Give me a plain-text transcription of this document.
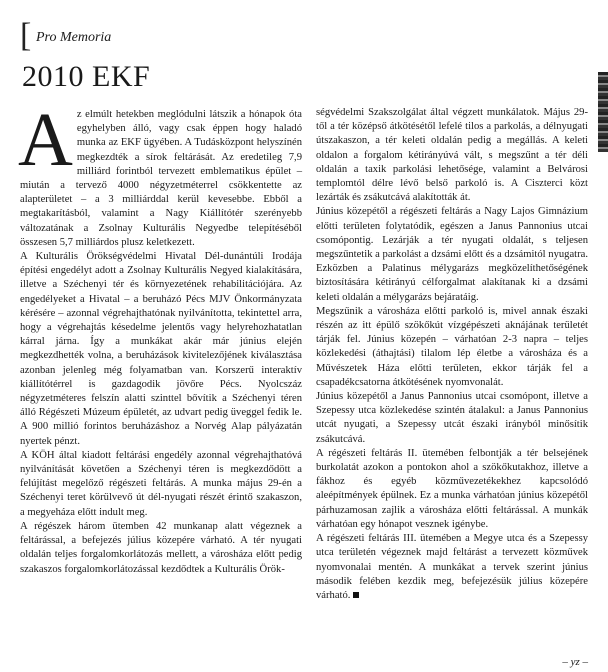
[ Pro Memoria
2010 EKF

Az elmúlt hetekben meglódulni látszik a hónapok óta egyhelyben álló, vagy csak éppen hogy haladó munka az EKF ügyében. A Tudásközpont helyszínén megkezdték a sírok feltárását. Az eredetileg 7,9 milliárd forintból tervezett emblematikus épület – miután a tervező 4000 négyzetméterrel csökkentette az alapterületet – a 3 milliárddal kerül kevesebbe. Ebből a megtakarításból, valamint a Nagy Kiállítótér szerényebb változatának a Zsolnay Kulturális Negyedbe telepítéséből összesen 5,7 milliárdos plusz keletkezett.

A Kulturális Örökségvédelmi Hivatal Dél-dunántúli Irodája építési engedélyt adott a Zsolnay Kulturális Negyed kialakítására, illetve a Széchenyi tér és környezetének rehabilitációjára. Az engedélyeket a Hivatal – a beruházó Pécs MJV Önkormányzata kérésére – azonnal végrehajthatónak nyilvánította, tekintettel arra, hogy a végrehajtás késedelme jelentős vagy helyrehozhatatlan kárral járna. Így a munkákat akár már június elején megkezdhették volna, a beruházások kivitelezőjének kiválasztása azonban jelenleg még folyamatban van. Korszerű interaktív kiállítótérrel is gazdagodik jövőre Pécs. Nyolcszáz négyzetméteres felszín alatti szinttel bővítik a Széchenyi téren álló Régészeti Múzeum épületét, az udvart pedig üveggel fedik le. A 900 millió forintos beruházáshoz a Norvég Alap pályázatán nyertek pénzt.

A KÖH által kiadott feltárási engedély azonnal végrehajthatóvá nyilvánítását követően a Széchenyi téren is megkezdődött a felújítást megelőző régészeti feltárás. A munka május 29-én a Széchenyi teret körülvevő út dél-nyugati részét érintő szakaszon, a megyeháza előtt indult meg.

A régészek három ütemben 42 munkanap alatt végeznek a feltárással, a befejezés július közepére várható. A tér nyugati oldalán teljes forgalomkorlátozás mellett, a városháza előtt pedig szakaszos forgalomkorlátozással kezdődtek a Kulturális Örök-

ségvédelmi Szakszolgálat által végzett munkálatok. Május 29-től a tér középső átkötésétől lefelé tilos a parkolás, a délnyugati útszakaszon, a tér keleti oldalán pedig a megállás. A keleti oldalon a forgalom kétirányúvá vált, s megszűnt a tér déli oldalán a taxik parkolási lehetősége, valamint a Belvárosi templomtól délre lévő belső parkoló is. A Ciszterci közt lezárták és zsákutcává alakították át.

Június közepétől a régészeti feltárás a Nagy Lajos Gimnázium előtti területen folytatódik, egészen a Janus Pannonius utcai csomópontig. Lezárják a tér nyugati oldalát, s teljesen megszűntetik a parkolást a dzsámi előtt és a dzsámitól nyugatra. Ezközben a Palatinus mélygarázs megközelíthetőségének biztosítására kétirányú célforgalmat alakítanak ki a dzsámi keleti oldalán a mélygarázs bejáratáig.

Megszűnik a városháza előtti parkoló is, mivel annak északi részén az itt épülő szökőkút vízgépészeti aknájának területét tárják fel. Június közepén – várhatóan 2-3 napra – teljes közlekedési (áthajtási) tilalom lép életbe a városháza és a Művészetek Háza előtti területen, ekkor tárják fel a csapadékcsatorna átkötésének nyomvonalát.

Június közepétől a Janus Pannonius utcai csomópont, illetve a Szepessy utca közlekedése szintén átalakul: a Janus Pannonius utcát nyugati, a Szepessy utcát északi irányból minősítik zsákutcává.

A régészeti feltárás II. ütemében felbontják a tér belsejének burkolatát azokon a pontokon ahol a szökőkutakhoz, illetve a fákhoz és egyéb közművezetékekhez kapcsolódó aleépítmények épülnek. Ez a munka várhatóan június közepétől párhuzamosan zajlik a városháza előtti feltárással. A munkák várhatóan egy hónapot vesznek igénybe.

A régészeti feltárás III. ütemében a Megye utca és a Szepessy utca területén végeznek majd feltárást a tervezett közművek nyomvonalai mentén. A munkákat a tervek szerint június második felében kezdik meg, befejezésük július közepére várható.

– yz –
